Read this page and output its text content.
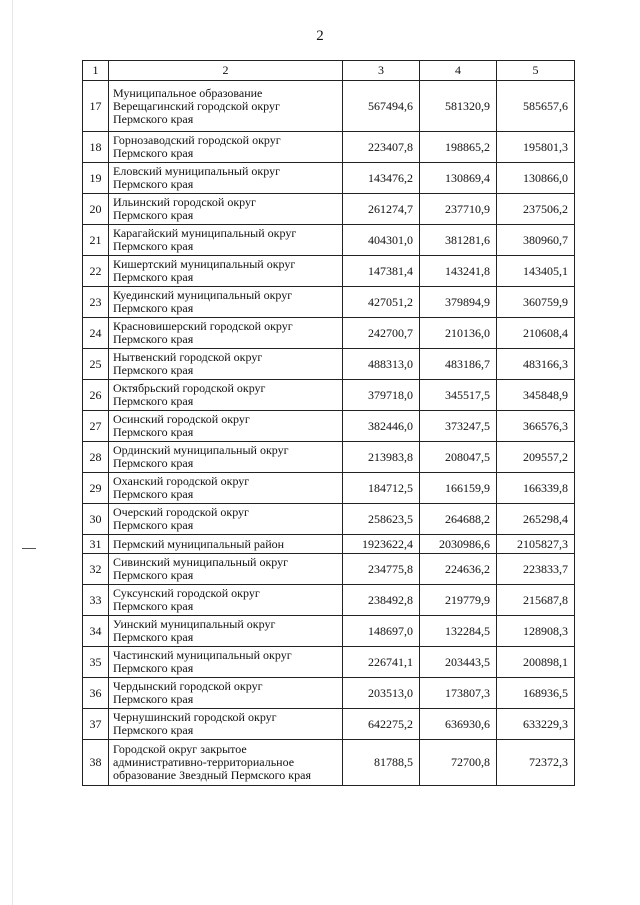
2
1	2	3	4	5
17	Муниципальное образование
Верещагинский городской округ
Пермского края	567494,6	581320,9	585657,6
18	Горнозаводский городской округ
Пермского края	223407,8	198865,2	195801,3
19	Еловский муниципальный округ
Пермского края	143476,2	130869,4	130866,0
20	Ильинский городской округ
Пермского края	261274,7	237710,9	237506,2
21	Карагайский муниципальный округ
Пермского края	404301,0	381281,6	380960,7
22	Кишертский муниципальный округ
Пермского края	147381,4	143241,8	143405,1
23	Куединский муниципальный округ
Пермского края	427051,2	379894,9	360759,9
24	Красновишерский городской округ
Пермского края	242700,7	210136,0	210608,4
25	Нытвенский городской округ
Пермского края	488313,0	483186,7	483166,3
26	Октябрьский городской округ
Пермского края	379718,0	345517,5	345848,9
27	Осинский городской округ
Пермского края	382446,0	373247,5	366576,3
28	Ординский муниципальный округ
Пермского края	213983,8	208047,5	209557,2
29	Оханский городской округ
Пермского края	184712,5	166159,9	166339,8
30	Очерский городской округ
Пермского края	258623,5	264688,2	265298,4
31	Пермский муниципальный район	1923622,4	2030986,6	2105827,3
32	Сивинский муниципальный округ
Пермского края	234775,8	224636,2	223833,7
33	Суксунский городской округ
Пермского края	238492,8	219779,9	215687,8
34	Уинский муниципальный округ
Пермского края	148697,0	132284,5	128908,3
35	Частинский муниципальный округ
Пермского края	226741,1	203443,5	200898,1
36	Чердынский городской округ
Пермского края	203513,0	173807,3	168936,5
37	Чернушинский городской округ
Пермского края	642275,2	636930,6	633229,3
38	Городской округ закрытое
административно-территориальное
образование Звездный Пермского края	81788,5	72700,8	72372,3
